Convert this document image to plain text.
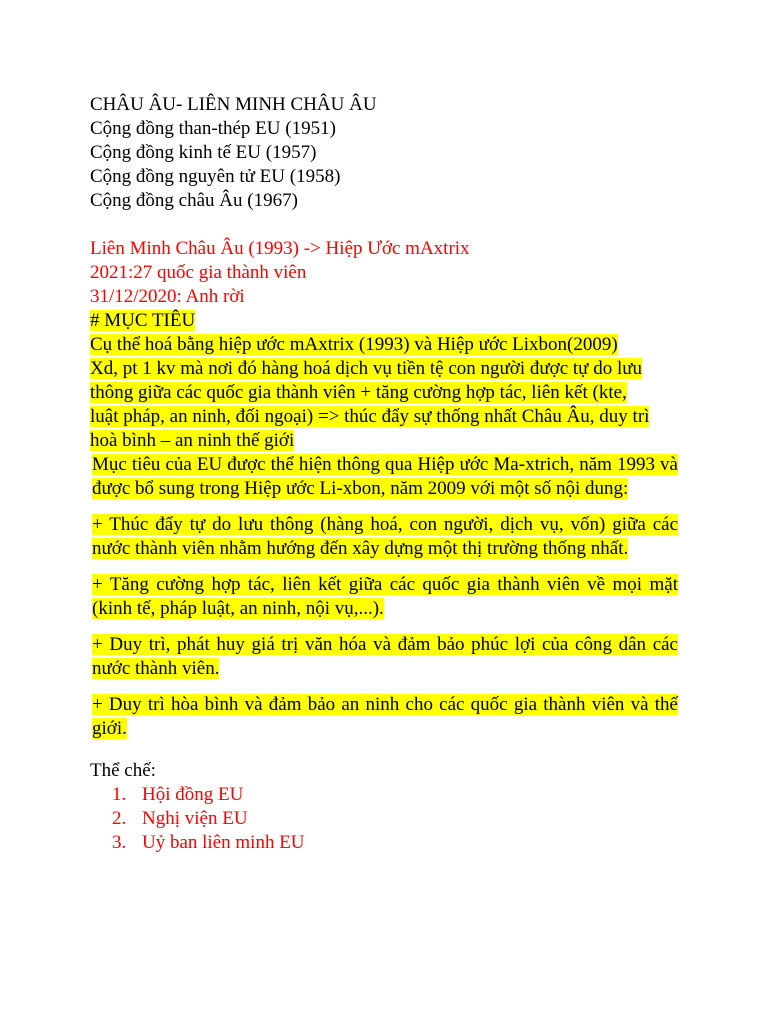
CHÂU ÂU- LIÊN MINH CHÂU ÂU
Cộng đồng than-thép EU (1951)
Cộng đồng kinh tế EU (1957)
Cộng đồng nguyên tử EU (1958)
Cộng đồng châu Âu (1967)
Liên Minh Châu Âu (1993) -> Hiệp Ước mAxtrix
2021:27 quốc gia thành viên
31/12/2020: Anh rời
# MỤC TIÊU
Cụ thể hoá bằng hiệp ước mAxtrix (1993) và Hiệp ước Lixbon(2009)
Xd, pt 1 kv mà nơi đó hàng hoá dịch vụ tiền tệ con người được tự do lưu thông giữa các quốc gia thành viên + tăng cường hợp tác, liên kết (kte, luật pháp, an ninh, đối ngoại) => thúc đẩy sự thống nhất Châu Âu, duy trì hoà bình – an ninh thế giới

Mục tiêu của EU được thể hiện thông qua Hiệp ước Ma-xtrich, năm 1993 và được bổ sung trong Hiệp ước Li-xbon, năm 2009 với một số nội dung:

+ Thúc đẩy tự do lưu thông (hàng hoá, con người, dịch vụ, vốn) giữa các nước thành viên nhằm hướng đến xây dựng một thị trường thống nhất.

+ Tăng cường hợp tác, liên kết giữa các quốc gia thành viên về mọi mặt (kinh tế, pháp luật, an ninh, nội vụ,...).

+ Duy trì, phát huy giá trị văn hóa và đảm bảo phúc lợi của công dân các nước thành viên.

+ Duy trì hòa bình và đảm bảo an ninh cho các quốc gia thành viên và thế giới.

Thể chế:
1. Hội đồng EU
2. Nghị viện EU
3. Uỷ ban liên minh EU
